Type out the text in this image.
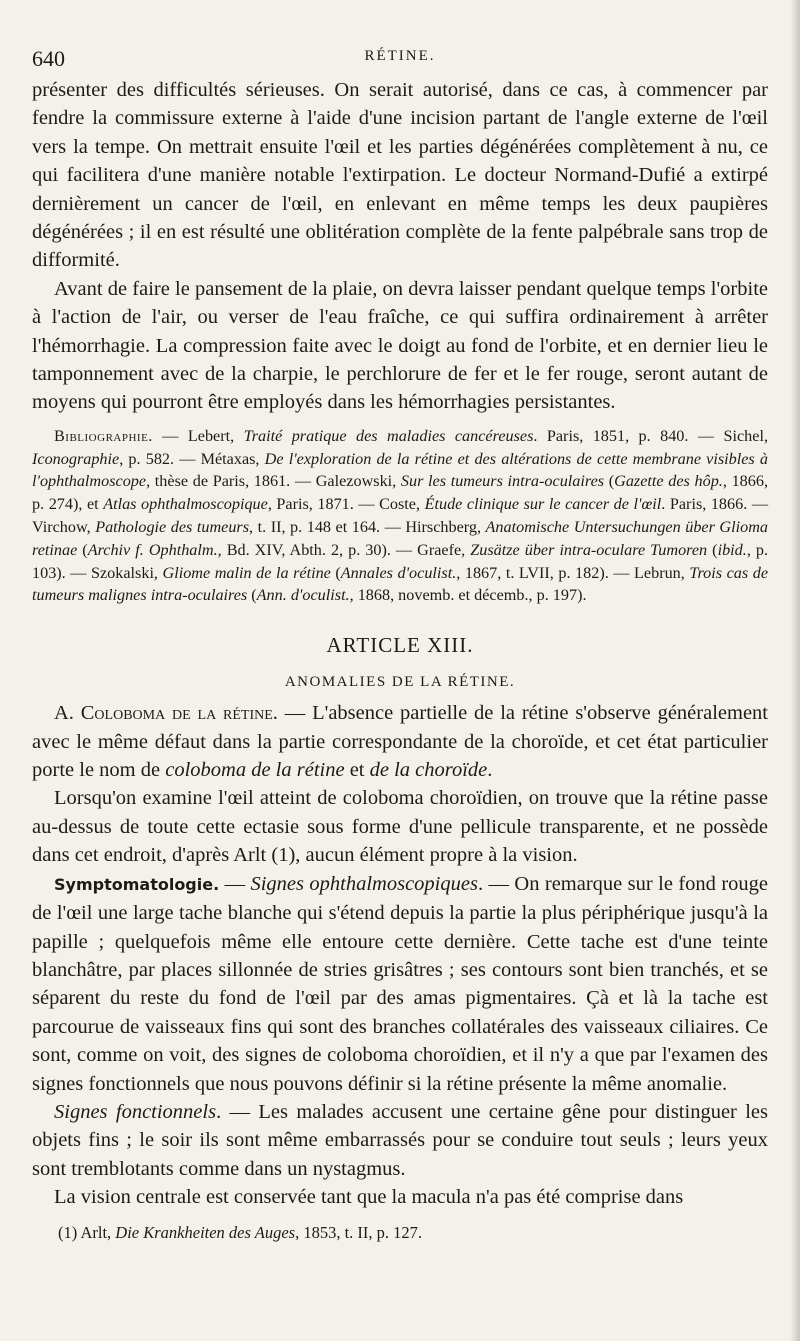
640	RÉTINE.

présenter des difficultés sérieuses. On serait autorisé, dans ce cas, à commencer par fendre la commissure externe à l'aide d'une incision partant de l'angle externe de l'œil vers la tempe. On mettrait ensuite l'œil et les parties dégénérées complètement à nu, ce qui facilitera d'une manière notable l'extirpation. Le docteur Normand-Dufié a extirpé dernièrement un cancer de l'œil, en enlevant en même temps les deux paupières dégénérées ; il en est résulté une oblitération complète de la fente palpébrale sans trop de difformité.

Avant de faire le pansement de la plaie, on devra laisser pendant quelque temps l'orbite à l'action de l'air, ou verser de l'eau fraîche, ce qui suffira ordinairement à arrêter l'hémorrhagie. La compression faite avec le doigt au fond de l'orbite, et en dernier lieu le tamponnement avec de la charpie, le perchlorure de fer et le fer rouge, seront autant de moyens qui pourront être employés dans les hémorrhagies persistantes.

Bibliographie. — Lebert, Traité pratique des maladies cancéreuses. Paris, 1851, p. 840. — Sichel, Iconographie, p. 582. — Métaxas, De l'exploration de la rétine et des altérations de cette membrane visibles à l'ophthalmoscope, thèse de Paris, 1861. — Galezowski, Sur les tumeurs intra-oculaires (Gazette des hôp., 1866, p. 274), et Atlas ophthalmoscopique, Paris, 1871. — Coste, Étude clinique sur le cancer de l'œil. Paris, 1866. — Virchow, Pathologie des tumeurs, t. II, p. 148 et 164. — Hirschberg, Anatomische Untersuchungen über Glioma retinae (Archiv f. Ophthalm., Bd. XIV, Abth. 2, p. 30). — Graefe, Zusätze über intra-oculare Tumoren (ibid., p. 103). — Szokalski, Gliome malin de la rétine (Annales d'oculist., 1867, t. LVII, p. 182). — Lebrun, Trois cas de tumeurs malignes intra-oculaires (Ann. d'oculist., 1868, novemb. et décemb., p. 197).

ARTICLE XIII.
ANOMALIES DE LA RÉTINE.

A. Coloboma de la rétine. — L'absence partielle de la rétine s'observe généralement avec le même défaut dans la partie correspondante de la choroïde, et cet état particulier porte le nom de coloboma de la rétine et de la choroïde.

Lorsqu'on examine l'œil atteint de coloboma choroïdien, on trouve que la rétine passe au-dessus de toute cette ectasie sous forme d'une pellicule transparente, et ne possède dans cet endroit, d'après Arlt (1), aucun élément propre à la vision.

Symptomatologie. — Signes ophthalmoscopiques. — On remarque sur le fond rouge de l'œil une large tache blanche qui s'étend depuis la partie la plus périphérique jusqu'à la papille ; quelquefois même elle entoure cette dernière. Cette tache est d'une teinte blanchâtre, par places sillonnée de stries grisâtres ; ses contours sont bien tranchés, et se séparent du reste du fond de l'œil par des amas pigmentaires. Çà et là la tache est parcourue de vaisseaux fins qui sont des branches collatérales des vaisseaux ciliaires. Ce sont, comme on voit, des signes de coloboma choroïdien, et il n'y a que par l'examen des signes fonctionnels que nous pouvons définir si la rétine présente la même anomalie.

Signes fonctionnels. — Les malades accusent une certaine gêne pour distinguer les objets fins ; le soir ils sont même embarrassés pour se conduire tout seuls ; leurs yeux sont tremblotants comme dans un nystagmus.

La vision centrale est conservée tant que la macula n'a pas été comprise dans

(1) Arlt, Die Krankheiten des Auges, 1853, t. II, p. 127.
